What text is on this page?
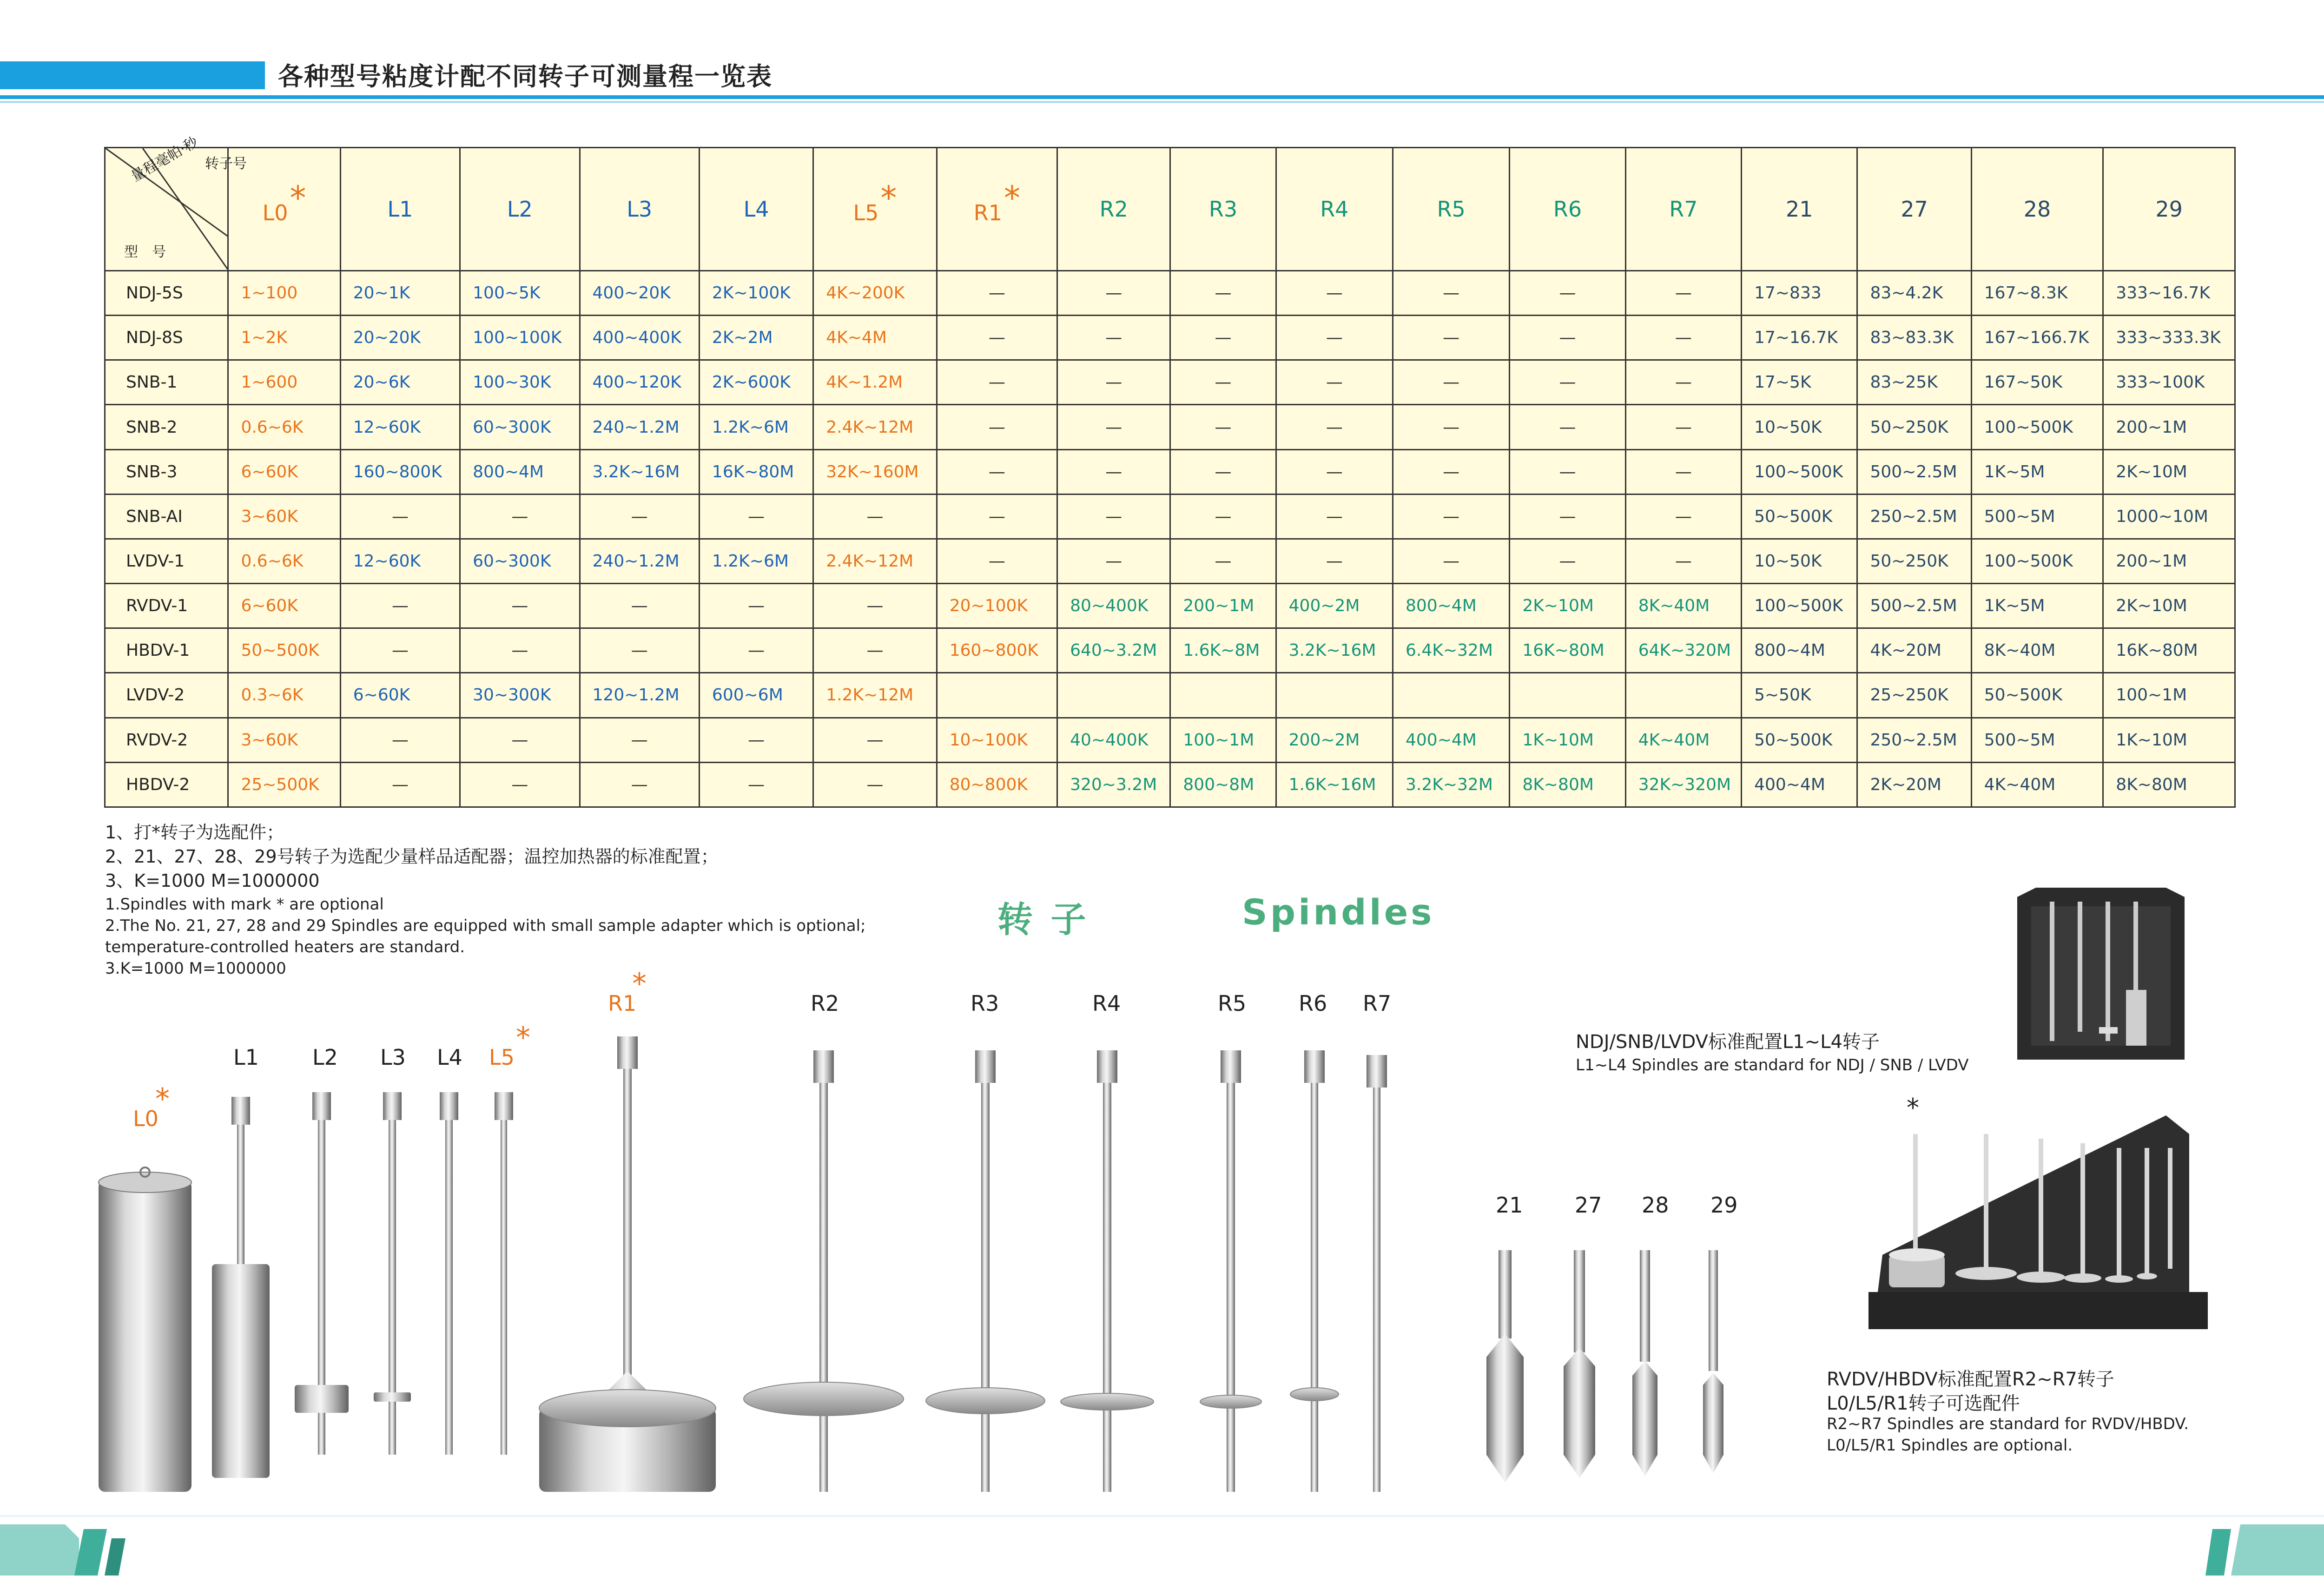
各种型号粘度计配不同转子可测量程一览表
转子号
量程毫帕·秒
型号	L0*	L1	L2	L3	L4	L5*	R1*	R2	R3	R4	R5	R6	R7	21	27	28	29
NDJ-5S	1~100	20~1K	100~5K	400~20K	2K~100K	4K~200K	—	—	—	—	—	—	—	17~833	83~4.2K	167~8.3K	333~16.7K
NDJ-8S	1~2K	20~20K	100~100K	400~400K	2K~2M	4K~4M	—	—	—	—	—	—	—	17~16.7K	83~83.3K	167~166.7K	333~333.3K
SNB-1	1~600	20~6K	100~30K	400~120K	2K~600K	4K~1.2M	—	—	—	—	—	—	—	17~5K	83~25K	167~50K	333~100K
SNB-2	0.6~6K	12~60K	60~300K	240~1.2M	1.2K~6M	2.4K~12M	—	—	—	—	—	—	—	10~50K	50~250K	100~500K	200~1M
SNB-3	6~60K	160~800K	800~4M	3.2K~16M	16K~80M	32K~160M	—	—	—	—	—	—	—	100~500K	500~2.5M	1K~5M	2K~10M
SNB-AI	3~60K	—	—	—	—	—	—	—	—	—	—	—	—	50~500K	250~2.5M	500~5M	1000~10M
LVDV-1	0.6~6K	12~60K	60~300K	240~1.2M	1.2K~6M	2.4K~12M	—	—	—	—	—	—	—	10~50K	50~250K	100~500K	200~1M
RVDV-1	6~60K	—	—	—	—	—	20~100K	80~400K	200~1M	400~2M	800~4M	2K~10M	8K~40M	100~500K	500~2.5M	1K~5M	2K~10M
HBDV-1	50~500K	—	—	—	—	—	160~800K	640~3.2M	1.6K~8M	3.2K~16M	6.4K~32M	16K~80M	64K~320M	800~4M	4K~20M	8K~40M	16K~80M
LVDV-2	0.3~6K	6~60K	30~300K	120~1.2M	600~6M	1.2K~12M								5~50K	25~250K	50~500K	100~1M
RVDV-2	3~60K	—	—	—	—	—	10~100K	40~400K	100~1M	200~2M	400~4M	1K~10M	4K~40M	50~500K	250~2.5M	500~5M	1K~10M
HBDV-2	25~500K	—	—	—	—	—	80~800K	320~3.2M	800~8M	1.6K~16M	3.2K~32M	8K~80M	32K~320M	400~4M	2K~20M	4K~40M	8K~80M
1、打*转子为选配件；
2、21、27、28、29号转子为选配少量样品适配器；温控加热器的标准配置；
3、K=1000 M=1000000
1.Spindles with mark * are optional
2.The No. 21, 27, 28 and 29 Spindles are equipped with small sample adapter which is optional;
temperature-controlled heaters are standard.
3.K=1000 M=1000000
转 子	Spindles
L0
*
L1	L2 L3 L4 L5
*
R1
*
R2	R3	R4	R5 R6 R7
21 27 28 29
NDJ/SNB/LVDV标准配置L1~L4转子
L1~L4 Spindles are standard for NDJ / SNB / LVDV
*
RVDV/HBDV标准配置R2~R7转子
L0/L5/R1转子可选配件
R2~R7 Spindles are standard for RVDV/HBDV.
L0/L5/R1 Spindles are optional.
